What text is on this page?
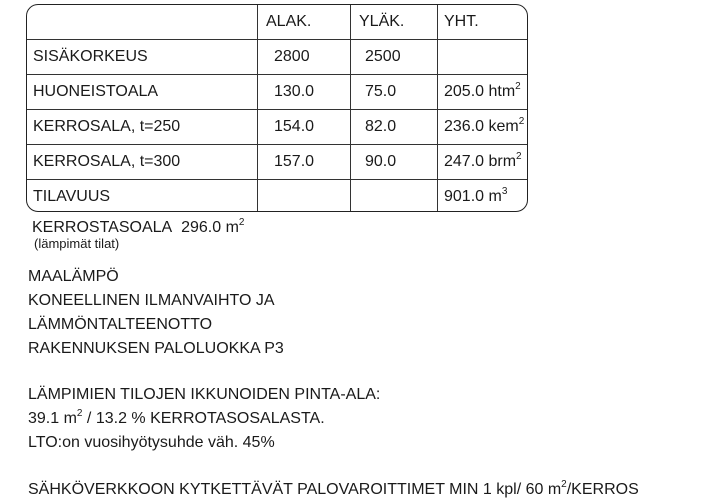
	ALAK.	YLÄK.	YHT.
SISÄKORKEUS	2800	2500	
HUONEISTOALA	130.0	75.0	205.0 htm$^2$
KERROSALA, t=250	154.0	82.0	236.0 kem$^2$
KERROSALA, t=300	157.0	90.0	247.0 brm$^2$
TILAVUUS			901.0 $m^3$
KERROSTASOALA 296.0 $m^2$
(lämpimät tilat)
MAALÄMPÖ
KONEELLINEN ILMANVAIHTO JA
LÄMMÖNTALTEENOTTO
RAKENNUKSEN PALOLUOKKA P3
LÄMPIMIEN TILOJEN IKKUNOIDEN PINTA-ALA:
39.1 $m^2 / 13.2$ % KERROTASOSALASTA.
LTO:on vuosihyötysuhde väh. 45%
SÄHKÖVERKKOON KYTKETTÄVÄT PALOVAROITTIMET MIN 1 kpl/ 60 $m^2$/KERROS
